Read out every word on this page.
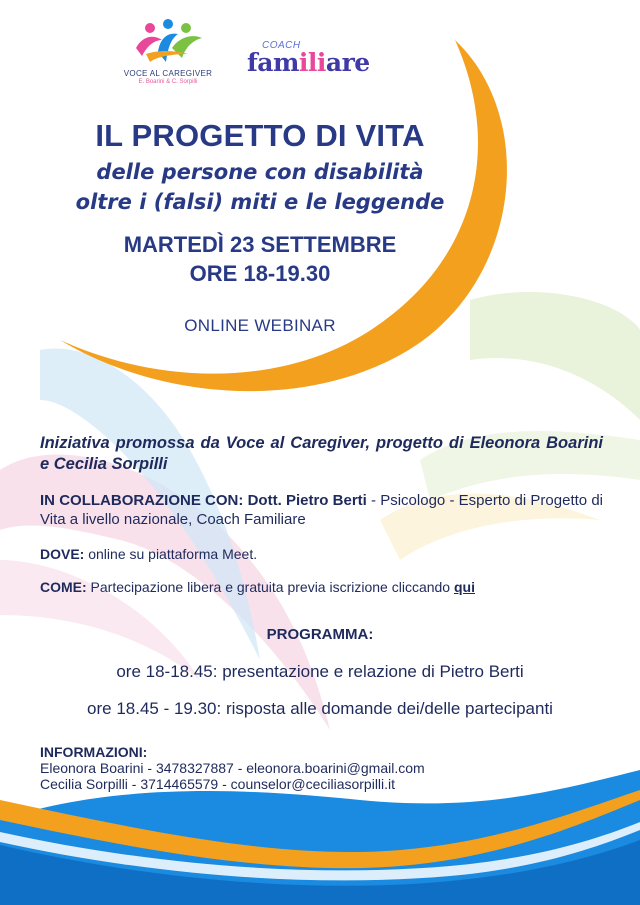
VOCE AL CAREGIVER
E. Boarini & C. Sorpilli
COACH
familiare
IL PROGETTO DI VITA
delle persone con disabilità
oltre i (falsi) miti e le leggende
MARTEDÌ 23 SETTEMBRE
ORE 18-19.30
ONLINE WEBINAR
Iniziativa promossa da Voce al Caregiver, progetto di Eleonora Boarini e Cecilia Sorpilli
IN COLLABORAZIONE CON: Dott. Pietro Berti - Psicologo - Esperto di Progetto di Vita a livello nazionale, Coach Familiare
DOVE: online su piattaforma Meet.
COME: Partecipazione libera e gratuita previa iscrizione cliccando qui
PROGRAMMA:
ore 18-18.45: presentazione e relazione di Pietro Berti
ore 18.45 - 19.30: risposta alle domande dei/delle partecipanti
INFORMAZIONI:
Eleonora Boarini - 3478327887 - eleonora.boarini@gmail.com
Cecilia Sorpilli - 3714465579 - counselor@ceciliasorpilli.it
